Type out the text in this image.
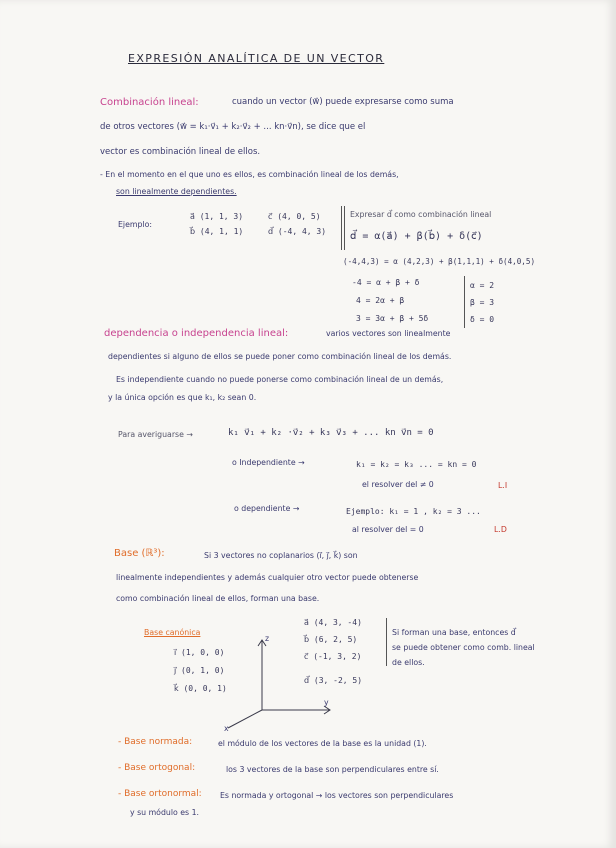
EXPRESIÓN ANALÍTICA DE UN VECTOR
Combinación lineal:	cuando un vector (w⃗) puede expresarse como suma
de otros vectores (w⃗ = k₁·v⃗₁ + k₂·v⃗₂ + ... kn·v⃗n), se dice que el
vector es combinación lineal de ellos.
- En el momento en el que uno es ellos, es combinación lineal de los demás,
son linealmente dependientes.
Ejemplo:
a⃗ (1, 1, 3)
b⃗ (4, 1, 1)
c⃗ (4, 0, 5)
d⃗ (-4, 4, 3)
Expresar d⃗ como combinación lineal
d⃗ = α(a⃗) + β(b⃗) + δ(c⃗)
(-4,4,3) = α (4,2,3) + β(1,1,1) + δ(4,0,5)
-4 = α + β + δ
4 = 2α + β
3 = 3α + β + 5δ
α = 2
β = 3
δ = 0
dependencia o independencia lineal:	varios vectores son linealmente
dependientes si alguno de ellos se puede poner como combinación lineal de los demás.
Es independiente cuando no puede ponerse como combinación lineal de un demás,
y la única opción es que k₁, k₂ sean 0.
Para averiguarse →	k₁ v⃗₁ + k₂ ·v⃗₂ + k₃ v⃗₃ + ... kn v⃗n = 0
o Independiente →	k₁ = k₂ = k₃ ... = kn = 0
el resolver del ≠ 0	L.I
o dependiente →	Ejemplo: k₁ = 1 , k₂ = 3 ...
al resolver del = 0	L.D
Base (ℝ³):	Si 3 vectores no coplanarios (i⃗, j⃗, k⃗) son
linealmente independientes y además cualquier otro vector puede obtenerse
como combinación lineal de ellos, forman una base.
Base canónica
i⃗ (1, 0, 0)
j⃗ (0, 1, 0)
k⃗ (0, 0, 1)
z
y
x
a⃗ (4, 3, -4)
b⃗ (6, 2, 5)
c⃗ (-1, 3, 2)
d⃗ (3, -2, 5)
Si forman una base, entonces d⃗
se puede obtener como comb. lineal
de ellos.
- Base normada:	el módulo de los vectores de la base es la unidad (1).
- Base ortogonal:	los 3 vectores de la base son perpendiculares entre sí.
- Base ortonormal: Es normada y ortogonal → los vectores son perpendiculares
y su módulo es 1.
